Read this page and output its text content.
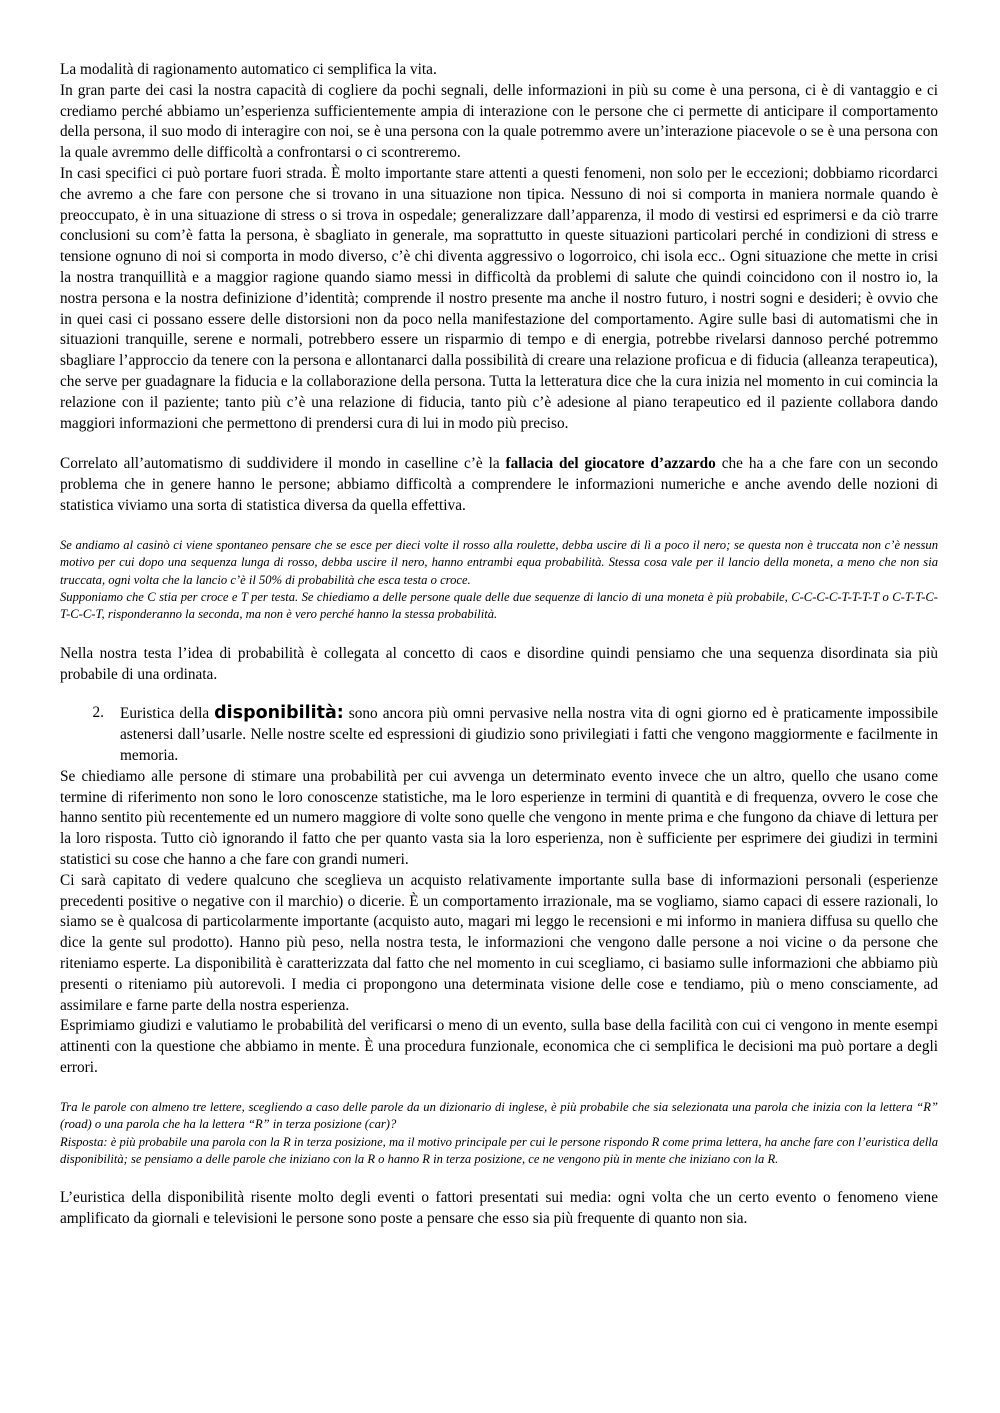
La modalità di ragionamento automatico ci semplifica la vita.

In gran parte dei casi la nostra capacità di cogliere da pochi segnali, delle informazioni in più su come è una persona, ci è di vantaggio e ci crediamo perché abbiamo un’esperienza sufficientemente ampia di interazione con le persone che ci permette di anticipare il comportamento della persona, il suo modo di interagire con noi, se è una persona con la quale potremmo avere un’interazione piacevole o se è una persona con la quale avremmo delle difficoltà a confrontarsi o ci scontreremo.

In casi specifici ci può portare fuori strada. È molto importante stare attenti a questi fenomeni, non solo per le eccezioni; dobbiamo ricordarci che avremo a che fare con persone che si trovano in una situazione non tipica. Nessuno di noi si comporta in maniera normale quando è preoccupato, è in una situazione di stress o si trova in ospedale; generalizzare dall’apparenza, il modo di vestirsi ed esprimersi e da ciò trarre conclusioni su com’è fatta la persona, è sbagliato in generale, ma soprattutto in queste situazioni particolari perché in condizioni di stress e tensione ognuno di noi si comporta in modo diverso, c’è chi diventa aggressivo o logorroico, chi isola ecc.. Ogni situazione che mette in crisi la nostra tranquillità e a maggior ragione quando siamo messi in difficoltà da problemi di salute che quindi coincidono con il nostro io, la nostra persona e la nostra definizione d’identità; comprende il nostro presente ma anche il nostro futuro, i nostri sogni e desideri; è ovvio che in quei casi ci possano essere delle distorsioni non da poco nella manifestazione del comportamento. Agire sulle basi di automatismi che in situazioni tranquille, serene e normali, potrebbero essere un risparmio di tempo e di energia, potrebbe rivelarsi dannoso perché potremmo sbagliare l’approccio da tenere con la persona e allontanarci dalla possibilità di creare una relazione proficua e di fiducia (alleanza terapeutica), che serve per guadagnare la fiducia e la collaborazione della persona. Tutta la letteratura dice che la cura inizia nel momento in cui comincia la relazione con il paziente; tanto più c’è una relazione di fiducia, tanto più c’è adesione al piano terapeutico ed il paziente collabora dando maggiori informazioni che permettono di prendersi cura di lui in modo più preciso.

Correlato all’automatismo di suddividere il mondo in caselline c’è la fallacia del giocatore d’azzardo che ha a che fare con un secondo problema che in genere hanno le persone; abbiamo difficoltà a comprendere le informazioni numeriche e anche avendo delle nozioni di statistica viviamo una sorta di statistica diversa da quella effettiva.

Se andiamo al casinò ci viene spontaneo pensare che se esce per dieci volte il rosso alla roulette, debba uscire di lì a poco il nero; se questa non è truccata non c’è nessun motivo per cui dopo una sequenza lunga di rosso, debba uscire il nero, hanno entrambi equa probabilità. Stessa cosa vale per il lancio della moneta, a meno che non sia truccata, ogni volta che la lancio c’è il 50% di probabilità che esca testa o croce.

Supponiamo che C stia per croce e T per testa. Se chiediamo a delle persone quale delle due sequenze di lancio di una moneta è più probabile, C-C-C-C-T-T-T-T o C-T-T-C-T-C-C-T, risponderanno la seconda, ma non è vero perché hanno la stessa probabilità.

Nella nostra testa l’idea di probabilità è collegata al concetto di caos e disordine quindi pensiamo che una sequenza disordinata sia più probabile di una ordinata.

2.	Euristica della disponibilità: sono ancora più omni pervasive nella nostra vita di ogni giorno ed è praticamente impossibile astenersi dall’usarle. Nelle nostre scelte ed espressioni di giudizio sono privilegiati i fatti che vengono maggiormente e facilmente in memoria.

Se chiediamo alle persone di stimare una probabilità per cui avvenga un determinato evento invece che un altro, quello che usano come termine di riferimento non sono le loro conoscenze statistiche, ma le loro esperienze in termini di quantità e di frequenza, ovvero le cose che hanno sentito più recentemente ed un numero maggiore di volte sono quelle che vengono in mente prima e che fungono da chiave di lettura per la loro risposta. Tutto ciò ignorando il fatto che per quanto vasta sia la loro esperienza, non è sufficiente per esprimere dei giudizi in termini statistici su cose che hanno a che fare con grandi numeri.

Ci sarà capitato di vedere qualcuno che sceglieva un acquisto relativamente importante sulla base di informazioni personali (esperienze precedenti positive o negative con il marchio) o dicerie. È un comportamento irrazionale, ma se vogliamo, siamo capaci di essere razionali, lo siamo se è qualcosa di particolarmente importante (acquisto auto, magari mi leggo le recensioni e mi informo in maniera diffusa su quello che dice la gente sul prodotto). Hanno più peso, nella nostra testa, le informazioni che vengono dalle persone a noi vicine o da persone che riteniamo esperte. La disponibilità è caratterizzata dal fatto che nel momento in cui scegliamo, ci basiamo sulle informazioni che abbiamo più presenti o riteniamo più autorevoli. I media ci propongono una determinata visione delle cose e tendiamo, più o meno consciamente, ad assimilare e farne parte della nostra esperienza.

Esprimiamo giudizi e valutiamo le probabilità del verificarsi o meno di un evento, sulla base della facilità con cui ci vengono in mente esempi attinenti con la questione che abbiamo in mente. È una procedura funzionale, economica che ci semplifica le decisioni ma può portare a degli errori.

Tra le parole con almeno tre lettere, scegliendo a caso delle parole da un dizionario di inglese, è più probabile che sia selezionata una parola che inizia con la lettera “R” (road) o una parola che ha la lettera “R” in terza posizione (car)?

Risposta: è più probabile una parola con la R in terza posizione, ma il motivo principale per cui le persone rispondo R come prima lettera, ha anche fare con l’euristica della disponibilità; se pensiamo a delle parole che iniziano con la R o hanno R in terza posizione, ce ne vengono più in mente che iniziano con la R.

L’euristica della disponibilità risente molto degli eventi o fattori presentati sui media: ogni volta che un certo evento o fenomeno viene amplificato da giornali e televisioni le persone sono poste a pensare che esso sia più frequente di quanto non sia.
